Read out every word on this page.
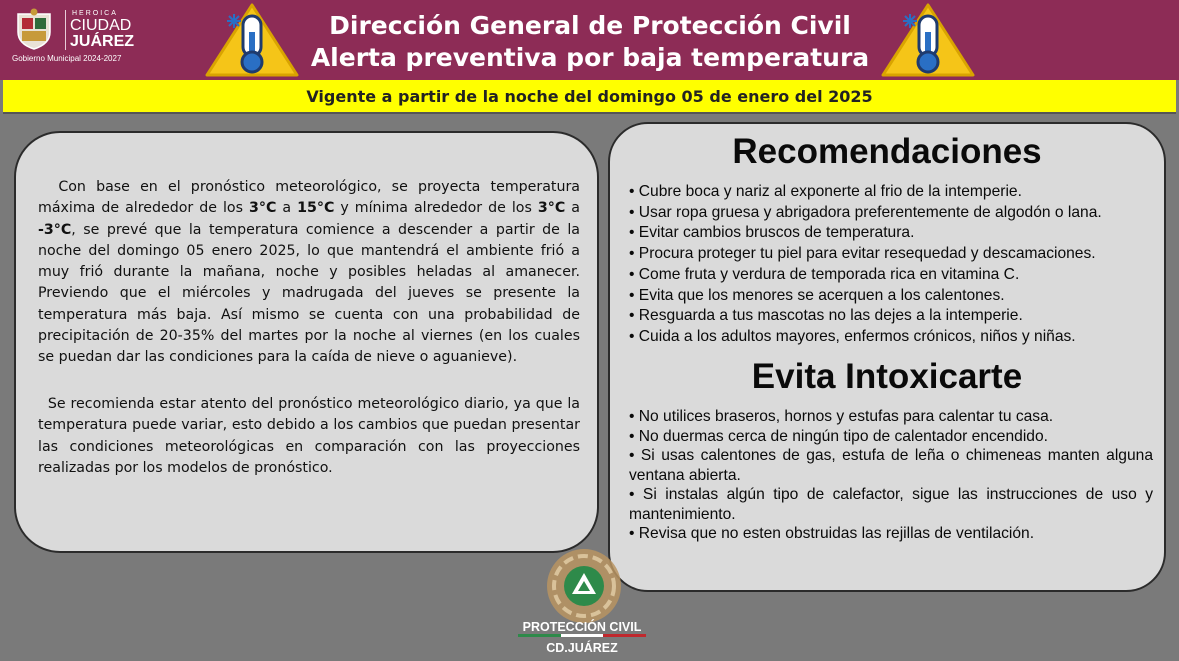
HEROICA
CIUDAD
JUÁREZ
Gobierno Municipal 2024-2027
Dirección General de Protección Civil
Alerta preventiva por baja temperatura
Vigente a partir de la noche del domingo 05 de enero del 2025

Con base en el pronóstico meteorológico, se proyecta temperatura máxima de alrededor de los 3°C a 15°C y mínima alrededor de los 3°C a -3°C, se prevé que la temperatura comience a descender a partir de la noche del domingo 05 enero 2025, lo que mantendrá el ambiente frió a muy frió durante la mañana, noche y posibles heladas al amanecer. Previendo que el miércoles y madrugada del jueves se presente la temperatura más baja. Así mismo se cuenta con una probabilidad de precipitación de 20-35% del martes por la noche al viernes (en los cuales se puedan dar las condiciones para la caída de nieve o aguanieve).

Se recomienda estar atento del pronóstico meteorológico diario, ya que la temperatura puede variar, esto debido a los cambios que puedan presentar las condiciones meteorológicas en comparación con las proyecciones realizadas por los modelos de pronóstico.

Recomendaciones
• Cubre boca y nariz al exponerte al frio de la intemperie.
• Usar ropa gruesa y abrigadora preferentemente de algodón o lana.
• Evitar cambios bruscos de temperatura.
• Procura proteger tu piel para evitar resequedad y descamaciones.
• Come fruta y verdura de temporada rica en vitamina C.
• Evita que los menores se acerquen a los calentones.
• Resguarda a tus mascotas no las dejes a la intemperie.
• Cuida a los adultos mayores, enfermos crónicos, niños y niñas.
Evita Intoxicarte
• No utilices braseros, hornos y estufas para calentar tu casa.
• No duermas cerca de ningún tipo de calentador encendido.
• Si usas calentones de gas, estufa de leña o chimeneas manten alguna ventana abierta.
• Si instalas algún tipo de calefactor, sigue las instrucciones de uso y mantenimiento.
• Revisa que no esten obstruidas las rejillas de ventilación.
PROTECCIÓN CIVIL
CD.JUÁREZ
